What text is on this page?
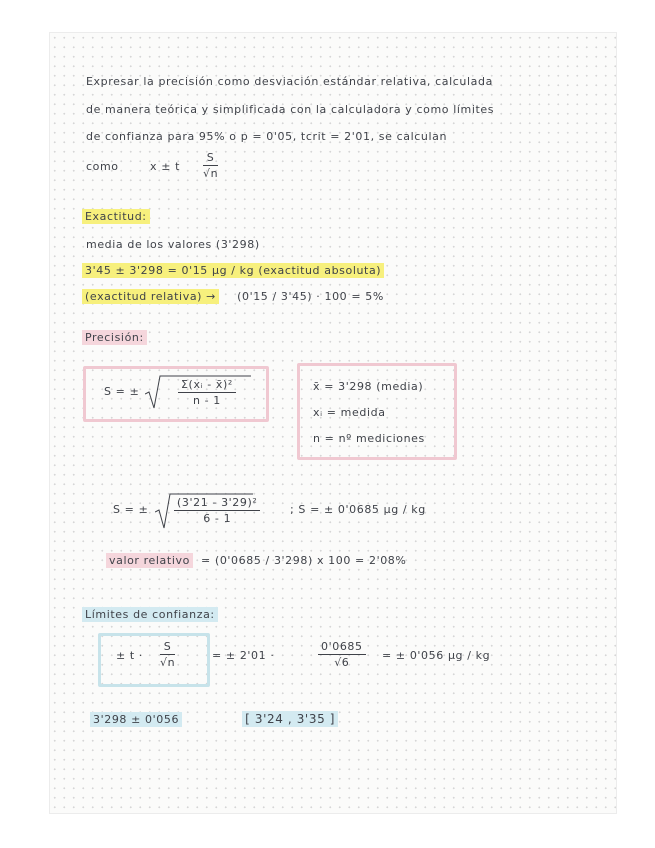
Expresar la precisión como desviación estándar relativa, calculada
de manera teórica y simplificada con la calculadora y como límites
de confianza para 95% o p = 0'05, tcrit = 2'01, se calculan
como	x ± t $\frac{S}{√n}$
Exactitud:
media de los valores (3'298)
3'45 ± 3'298 = 0'15 µg / kg (exactitud absoluta)
(exactitud relativa) → (0'15 / 3'45) · 100 = 5%
Precisión:
S = ±	$\frac{\text{Σ(xᵢ - x̄)²}}{n - 1}$	x̄ = 3'298 (media)
xᵢ = medida
n = nº mediciones
S = ± $\frac{\text{(3'21 - 3'29)²}}{6 - 1}$	; S = ± 0'0685 µg / kg
valor relativo = (0'0685 / 3'298) x 100 = 2'08%
Límites de confianza:
± $t \cdot \frac{S}{√n}$	= ± 2'01 ·	$\frac{0'0685}{√6}$ = ± 0'056 µg / kg
3'298 ± 0'056	[ 3'24 , 3'35 ]
